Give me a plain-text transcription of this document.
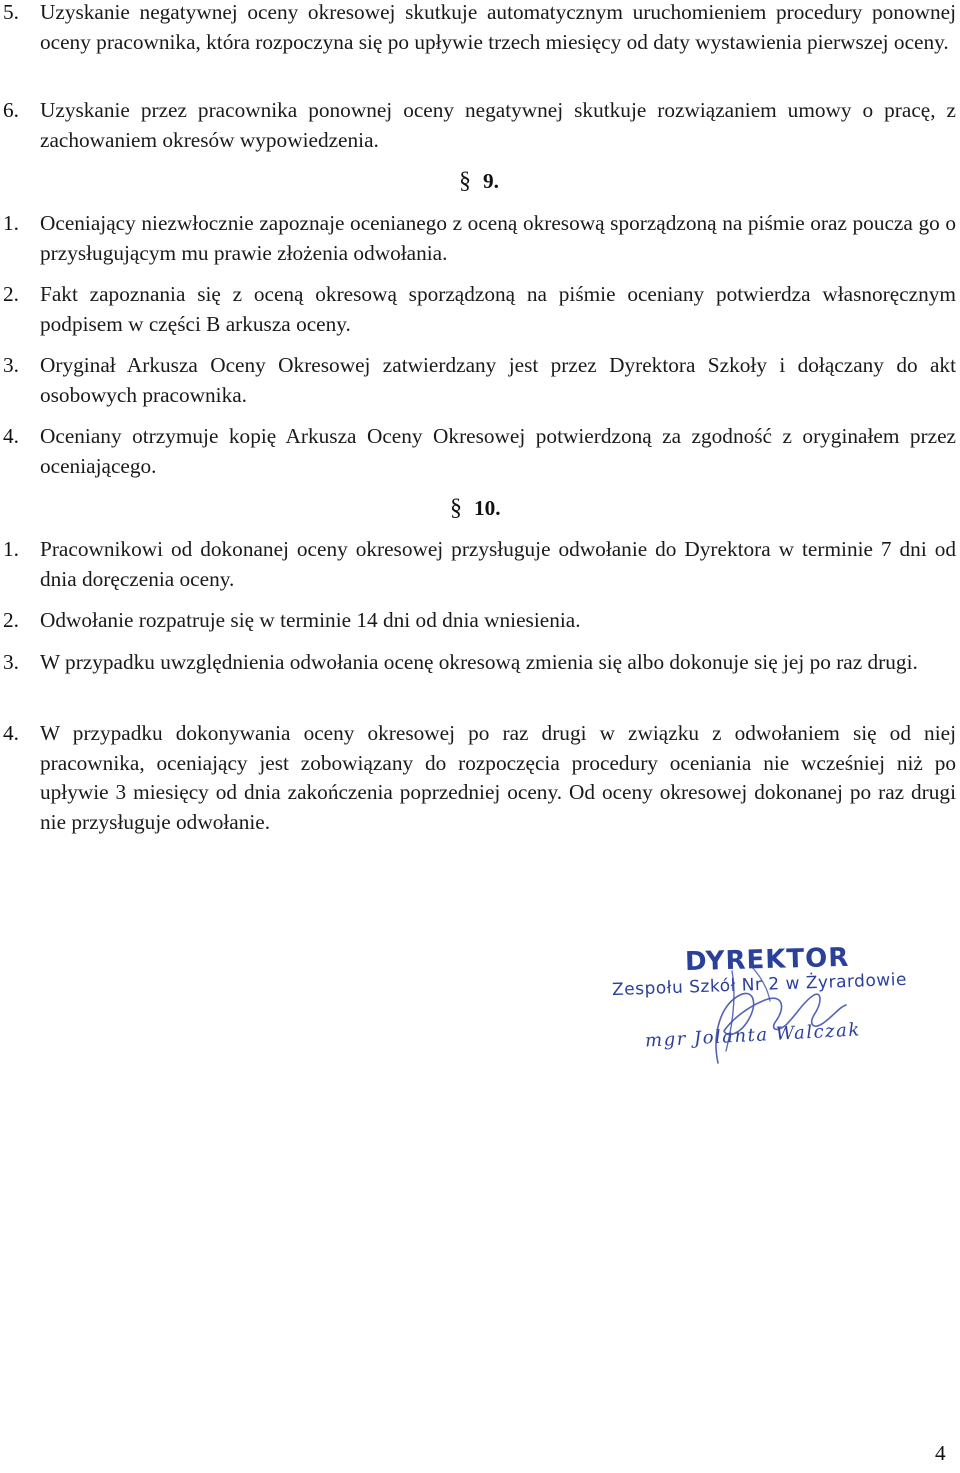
5. Uzyskanie negatywnej oceny okresowej skutkuje automatycznym uruchomieniem procedury ponownej oceny pracownika, która rozpoczyna się po upływie trzech miesięcy od daty wystawienia pierwszej oceny.
6. Uzyskanie przez pracownika ponownej oceny negatywnej skutkuje rozwiązaniem umowy o pracę, z zachowaniem okresów wypowiedzenia.
§ 9.
1. Oceniający niezwłocznie zapoznaje ocenianego z oceną okresową sporządzoną na piśmie oraz poucza go o przysługującym mu prawie złożenia odwołania.
2. Fakt zapoznania się z oceną okresową sporządzoną na piśmie oceniany potwierdza własnoręcznym podpisem w części B arkusza oceny.
3. Oryginał Arkusza Oceny Okresowej zatwierdzany jest przez Dyrektora Szkoły i dołączany do akt osobowych pracownika.
4. Oceniany otrzymuje kopię Arkusza Oceny Okresowej potwierdzoną za zgodność z oryginałem przez oceniającego.
§ 10.
1. Pracownikowi od dokonanej oceny okresowej przysługuje odwołanie do Dyrektora w terminie 7 dni od dnia doręczenia oceny.
2. Odwołanie rozpatruje się w terminie 14 dni od dnia wniesienia.
3. W przypadku uwzględnienia odwołania ocenę okresową zmienia się albo dokonuje się jej po raz drugi.
4. W przypadku dokonywania oceny okresowej po raz drugi w związku z odwołaniem się od niej pracownika, oceniający jest zobowiązany do rozpoczęcia procedury oceniania nie wcześniej niż po upływie 3 miesięcy od dnia zakończenia poprzedniej oceny. Od oceny okresowej dokonanej po raz drugi nie przysługuje odwołanie.
DYREKTOR
Zespołu Szkół Nr 2 w Żyrardowie
mgr Jolanta Walczak
4
